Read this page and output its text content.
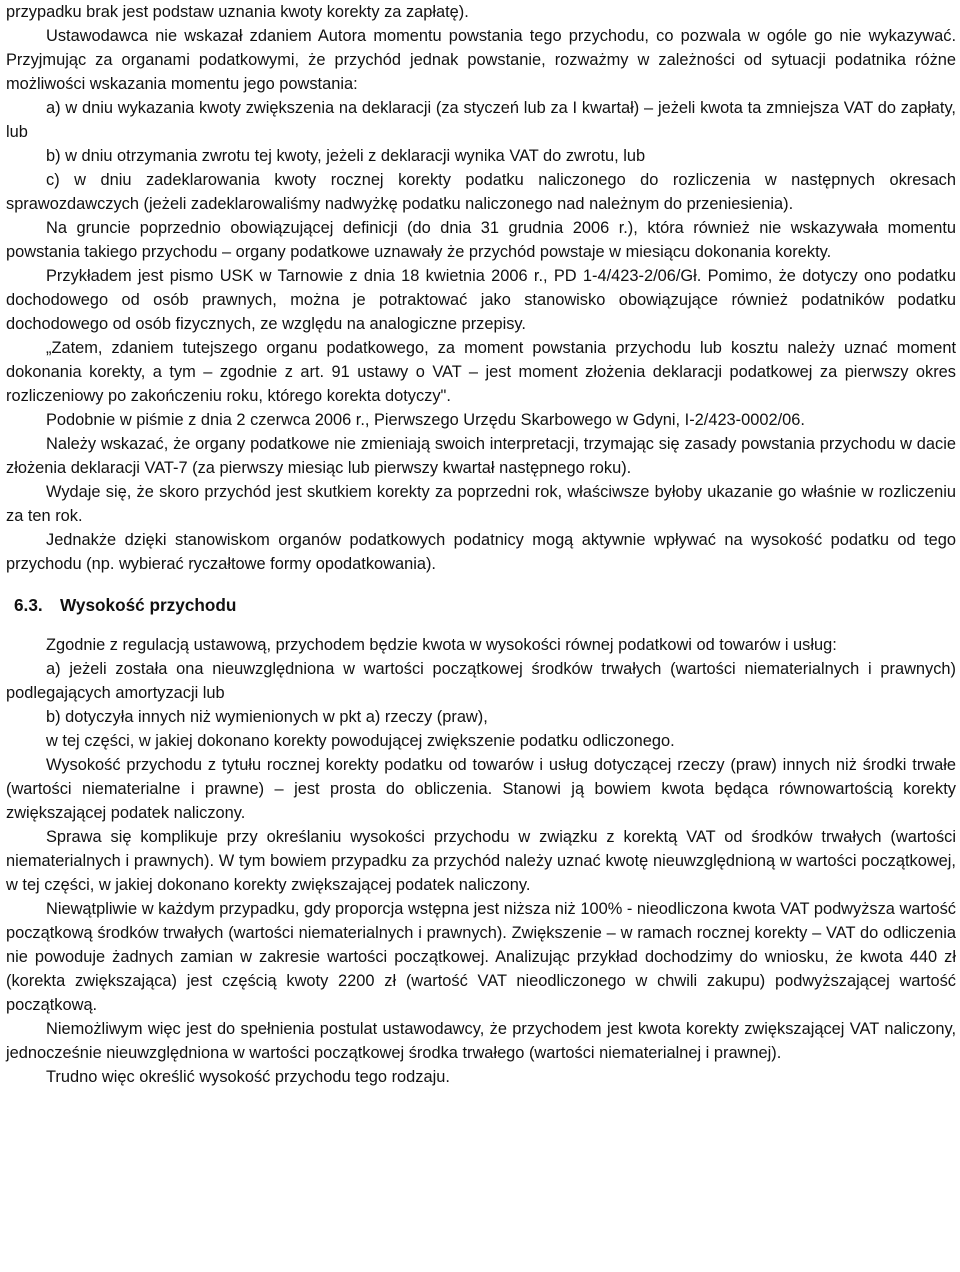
przypadku brak jest podstaw uznania kwoty korekty za zapłatę).

Ustawodawca nie wskazał zdaniem Autora momentu powstania tego przychodu, co pozwala w ogóle go nie wykazywać. Przyjmując za organami podatkowymi, że przychód jednak powstanie, rozważmy w zależności od sytuacji podatnika różne możliwości wskazania momentu jego powstania:

a) w dniu wykazania kwoty zwiększenia na deklaracji (za styczeń lub za I kwartał) – jeżeli kwota ta zmniejsza VAT do zapłaty, lub

b) w dniu otrzymania zwrotu tej kwoty, jeżeli z deklaracji wynika VAT do zwrotu, lub

c) w dniu zadeklarowania kwoty rocznej korekty podatku naliczonego do rozliczenia w następnych okresach sprawozdawczych (jeżeli zadeklarowaliśmy nadwyżkę podatku naliczonego nad należnym do przeniesienia).

Na gruncie poprzednio obowiązującej definicji (do dnia 31 grudnia 2006 r.), która również nie wskazywała momentu powstania takiego przychodu – organy podatkowe uznawały że przychód powstaje w miesiącu dokonania korekty.

Przykładem jest pismo USK w Tarnowie z dnia 18 kwietnia 2006 r., PD 1-4/423-2/06/Gł. Pomimo, że dotyczy ono podatku dochodowego od osób prawnych, można je potraktować jako stanowisko obowiązujące również podatników podatku dochodowego od osób fizycznych, ze względu na analogiczne przepisy.

„Zatem, zdaniem tutejszego organu podatkowego, za moment powstania przychodu lub kosztu należy uznać moment dokonania korekty, a tym – zgodnie z art. 91 ustawy o VAT – jest moment złożenia deklaracji podatkowej za pierwszy okres rozliczeniowy po zakończeniu roku, którego korekta dotyczy".

Podobnie w piśmie z dnia 2 czerwca 2006 r., Pierwszego Urzędu Skarbowego w Gdyni, I-2/423-0002/06.

Należy wskazać, że organy podatkowe nie zmieniają swoich interpretacji, trzymając się zasady powstania przychodu w dacie złożenia deklaracji VAT-7 (za pierwszy miesiąc lub pierwszy kwartał następnego roku).

Wydaje się, że skoro przychód jest skutkiem korekty za poprzedni rok, właściwsze byłoby ukazanie go właśnie w rozliczeniu za ten rok.

Jednakże dzięki stanowiskom organów podatkowych podatnicy mogą aktywnie wpływać na wysokość podatku od tego przychodu (np. wybierać ryczałtowe formy opodatkowania).

6.3. Wysokość przychodu

Zgodnie z regulacją ustawową, przychodem będzie kwota w wysokości równej podatkowi od towarów i usług:

a) jeżeli została ona nieuwzględniona w wartości początkowej środków trwałych (wartości niematerialnych i prawnych) podlegających amortyzacji lub

b) dotyczyła innych niż wymienionych w pkt a) rzeczy (praw),

w tej części, w jakiej dokonano korekty powodującej zwiększenie podatku odliczonego.

Wysokość przychodu z tytułu rocznej korekty podatku od towarów i usług dotyczącej rzeczy (praw) innych niż środki trwałe (wartości niematerialne i prawne) – jest prosta do obliczenia. Stanowi ją bowiem kwota będąca równowartością korekty zwiększającej podatek naliczony.

Sprawa się komplikuje przy określaniu wysokości przychodu w związku z korektą VAT od środków trwałych (wartości niematerialnych i prawnych). W tym bowiem przypadku za przychód należy uznać kwotę nieuwzględnioną w wartości początkowej, w tej części, w jakiej dokonano korekty zwiększającej podatek naliczony.

Niewątpliwie w każdym przypadku, gdy proporcja wstępna jest niższa niż 100% - nieodliczona kwota VAT podwyższa wartość początkową środków trwałych (wartości niematerialnych i prawnych). Zwiększenie – w ramach rocznej korekty – VAT do odliczenia nie powoduje żadnych zamian w zakresie wartości początkowej. Analizując przykład dochodzimy do wniosku, że kwota 440 zł (korekta zwiększająca) jest częścią kwoty 2200 zł (wartość VAT nieodliczonego w chwili zakupu) podwyższającej wartość początkową.

Niemożliwym więc jest do spełnienia postulat ustawodawcy, że przychodem jest kwota korekty zwiększającej VAT naliczony, jednocześnie nieuwzględniona w wartości początkowej środka trwałego (wartości niematerialnej i prawnej).

Trudno więc określić wysokość przychodu tego rodzaju.
